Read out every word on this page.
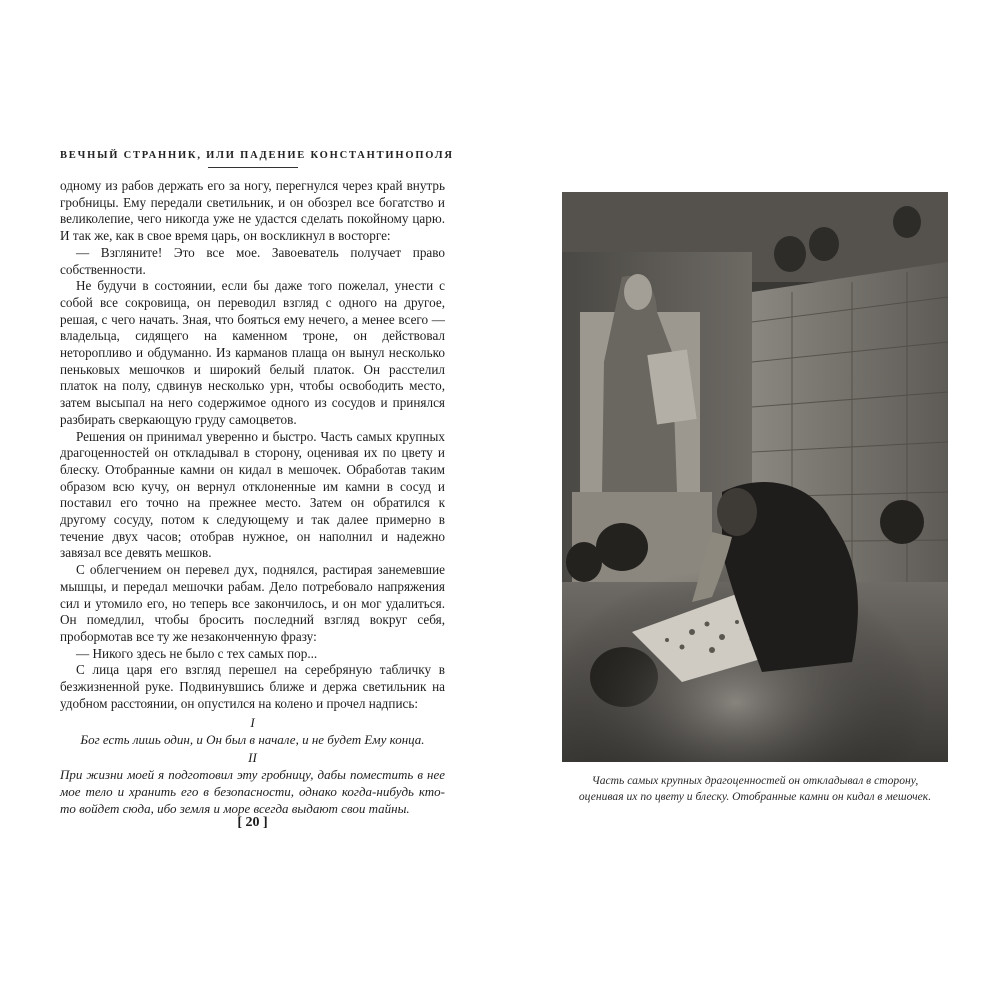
ВЕЧНЫЙ СТРАННИК, ИЛИ ПАДЕНИЕ КОНСТАНТИНОПОЛЯ

одному из рабов держать его за ногу, перегнулся через край внутрь гробницы. Ему передали светильник, и он обозрел все богатство и великолепие, чего никогда уже не удастся сделать покойному царю. И так же, как в свое время царь, он воскликнул в восторге:

— Взгляните! Это все мое. Завоеватель получает право собственности.

Не будучи в состоянии, если бы даже того пожелал, унести с собой все сокровища, он переводил взгляд с одного на другое, решая, с чего начать. Зная, что бояться ему нечего, а менее всего — владельца, сидящего на каменном троне, он действовал неторопливо и обдуманно. Из карманов плаща он вынул несколько пеньковых мешочков и широкий белый платок. Он расстелил платок на полу, сдвинув несколько урн, чтобы освободить место, затем высыпал на него содержимое одного из сосудов и принялся разбирать сверкающую груду самоцветов.

Решения он принимал уверенно и быстро. Часть самых крупных драгоценностей он откладывал в сторону, оценивая их по цвету и блеску. Отобранные камни он кидал в мешочек. Обработав таким образом всю кучу, он вернул отклоненные им камни в сосуд и поставил его точно на прежнее место. Затем он обратился к другому сосуду, потом к следующему и так далее примерно в течение двух часов; отобрав нужное, он наполнил и надежно завязал все девять мешков.

С облегчением он перевел дух, поднялся, растирая занемевшие мышцы, и передал мешочки рабам. Дело потребовало напряжения сил и утомило его, но теперь все закончилось, и он мог удалиться. Он помедлил, чтобы бросить последний взгляд вокруг себя, пробормотав все ту же незаконченную фразу:

— Никого здесь не было с тех самых пор...

С лица царя его взгляд перешел на серебряную табличку в безжизненной руке. Подвинувшись ближе и держа светильник на удобном расстоянии, он опустился на колено и прочел надпись:

I
Бог есть лишь один, и Он был в начале, и не будет Ему конца.
II
При жизни моей я подготовил эту гробницу, дабы поместить в нее мое тело и хранить его в безопасности, однако когда-нибудь кто-то войдет сюда, ибо земля и море всегда выдают свои тайны.
[ 20 ]
Часть самых крупных драгоценностей он откладывал в сторону,
оценивая их по цвету и блеску. Отобранные камни он кидал в мешочек.
